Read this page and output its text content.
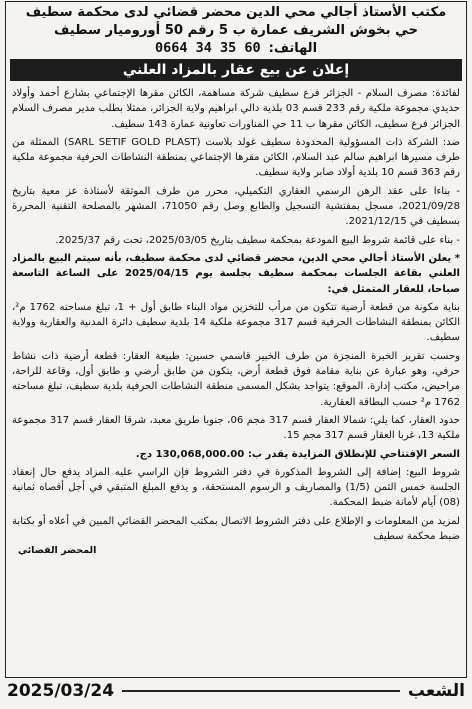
مكتب الأستاذ أجالي محي الدين محضر قضائي لدى محكمة سطيف
حي بخوش الشريف عمارة ب 5 رقم 50 أوروميار سطيف
الهاتف:
0664 34 35 60
إعلان عن بيع عقار بالمزاد العلني

لفائدة: مصرف السلام - الجزائر فرع سطيف شركة مساهمة، الكائن مقرها الإجتماعي بشارع أحمد وأولاد حديدي مجموعة ملكية رقم 233 قسم 03 بلدية دالي ابراهيم ولاية الجزائر، ممثلا بطلب مدير مصرف السلام الجزائر فرع سطيف، الكائن مقرها ب 11 حي المناورات تعاونية عمارة 143 سطيف.

ضد: الشركة ذات المسؤولية المحدودة سطيف غولد بلاست (SARL SETIF GOLD PLAST) الممثلة من طرف مسيرها ابراهيم سالم عبد السلام، الكائن مقرها الإجتماعي بمنطقة النشاطات الحرفية مجموعة ملكية رقم 363 قسم 10 بلدية أولاد صابر ولاية سطيف.

- بناءا على عقد الرهن الرسمي العقاري التكميلي، محرر من طرف الموثقة لأستاذة عز معية بتاريخ 2021/09/28، مسجل بمفتشية التسجيل والطابع وصل رقم 71050، المشهر بالمصلحة التقنية المحررة بسطيف في 2021/12/15.

- بناء على قائمة شروط البيع المودعة بمحكمة سطيف بتاريخ 2025/03/05، تحت رقم 2025/37.

* يعلن الأستاذ أجالي محي الدين، محضر قضائي لدى محكمة سطيف، بأنه سيتم البيع بالمزاد العلني بقاعة الجلسات بمحكمة سطيف بجلسة يوم 2025/04/15 على الساعة التاسعة صباحا، للعقار المتمثل في:

بناية مكونة من قطعة أرضية تتكون من مرأب للتخزين مواد البناء طابق أول + 1، تبلغ مساحته 1762 م²، الكائن بمنطقة النشاطات الحرفية قسم 317 مجموعة ملكية 14 بلدية سطيف دائرة المدنية والعقارية وولاية سطيف.

وحسب تقرير الخبرة المنجزة من طرف الخبير قاسمي حسين: طبيعة العقار: قطعة أرضية ذات نشاط حرفي، وهو عبارة عن بناية مقامة فوق قطعة أرض، يتكون من طابق أرضي و طابق أول، وقاعة للراحة، مراحيض، مكتب إدارة. الموقع: يتواجد بشكل المسمى منطقة النشاطات الحرفية بلدية سطيف، تبلغ مساحته 1762 م² حسب البطاقة العقارية.

حدود العقار، كما يلي: شمالا العقار قسم 317 مجم 06، جنوبا طريق معبد، شرقا العقار قسم 317 مجموعة ملكية 13، غربا العقار قسم 317 مجم 15.

السعر الإفتتاحي للإنطلاق المزايدة يقدر ب: 130,068,000.00 دج.

شروط البيع: إضافة إلى الشروط المذكورة في دفتر الشروط فإن الراسي عليه المزاد يدفع حال إنعقاد الجلسة خمس الثمن (1/5) والمصاريف و الرسوم المستحقة، و يدفع المبلغ المتبقي في أجل أقصاه ثمانية (08) أيام لأمانة ضبط المحكمة.

لمزيد من المعلومات و الإطلاع على دفتر الشروط الاتصال بمكتب المحضر القضائي المبين في أعلاه أو بكتابة ضبط محكمة سطيف

المحضر القضائي
2025/03/24	الشعب
